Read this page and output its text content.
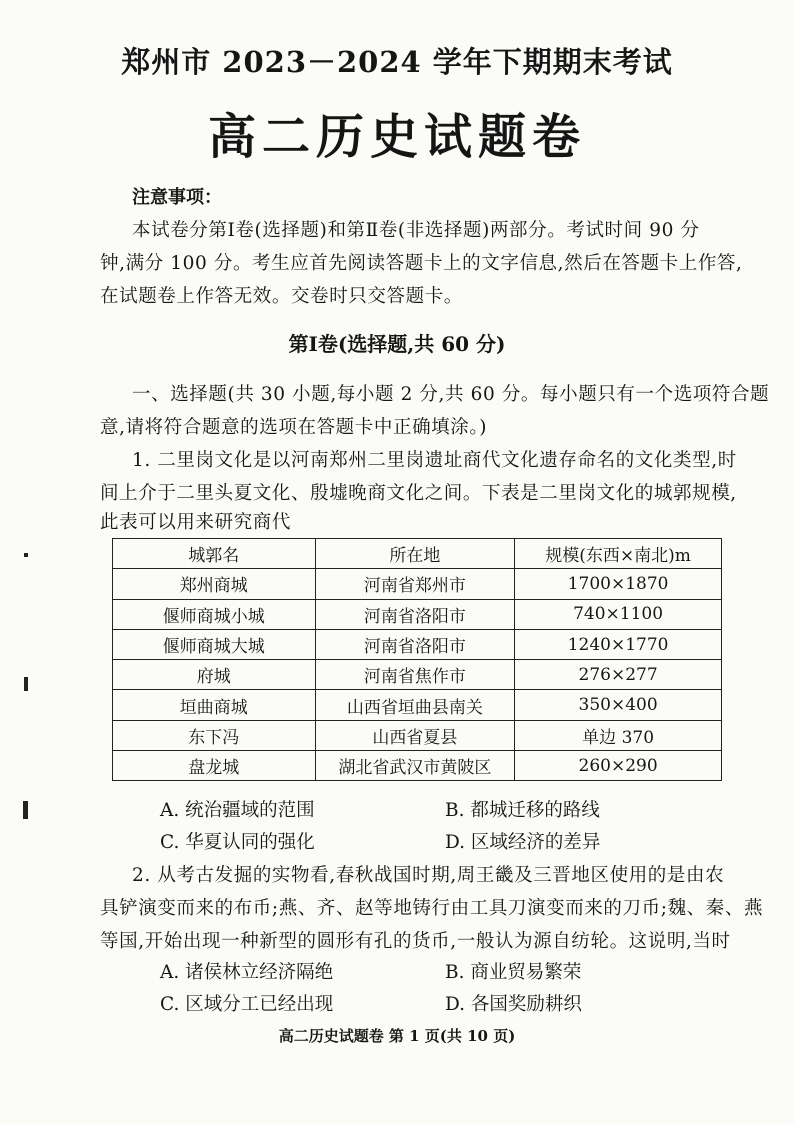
郑州市 2023－2024 学年下期期末考试
高二历史试题卷
注意事项：
本试卷分第Ⅰ卷(选择题)和第Ⅱ卷(非选择题)两部分。考试时间 90 分
钟,满分 100 分。考生应首先阅读答题卡上的文字信息,然后在答题卡上作答,
在试题卷上作答无效。交卷时只交答题卡。
第Ⅰ卷(选择题,共 60 分)
一、选择题(共 30 小题,每小题 2 分,共 60 分。每小题只有一个选项符合题
意,请将符合题意的选项在答题卡中正确填涂。)
1. 二里岗文化是以河南郑州二里岗遗址商代文化遗存命名的文化类型,时
间上介于二里头夏文化、殷墟晚商文化之间。下表是二里岗文化的城郭规模,
此表可以用来研究商代
城郭名	所在地	规模(东西×南北)m
郑州商城	河南省郑州市	1700×1870
偃师商城小城	河南省洛阳市	740×1100
偃师商城大城	河南省洛阳市	1240×1770
府城	河南省焦作市	276×277
垣曲商城	山西省垣曲县南关	350×400
东下冯	山西省夏县	单边 370
盘龙城	湖北省武汉市黄陂区	260×290
A. 统治疆域的范围	B. 都城迁移的路线
C. 华夏认同的强化	D. 区域经济的差异
2. 从考古发掘的实物看,春秋战国时期,周王畿及三晋地区使用的是由农
具铲演变而来的布币;燕、齐、赵等地铸行由工具刀演变而来的刀币;魏、秦、燕
等国,开始出现一种新型的圆形有孔的货币,一般认为源自纺轮。这说明,当时
A. 诸侯林立经济隔绝	B. 商业贸易繁荣
C. 区域分工已经出现	D. 各国奖励耕织
高二历史试题卷 第 1 页(共 10 页)
